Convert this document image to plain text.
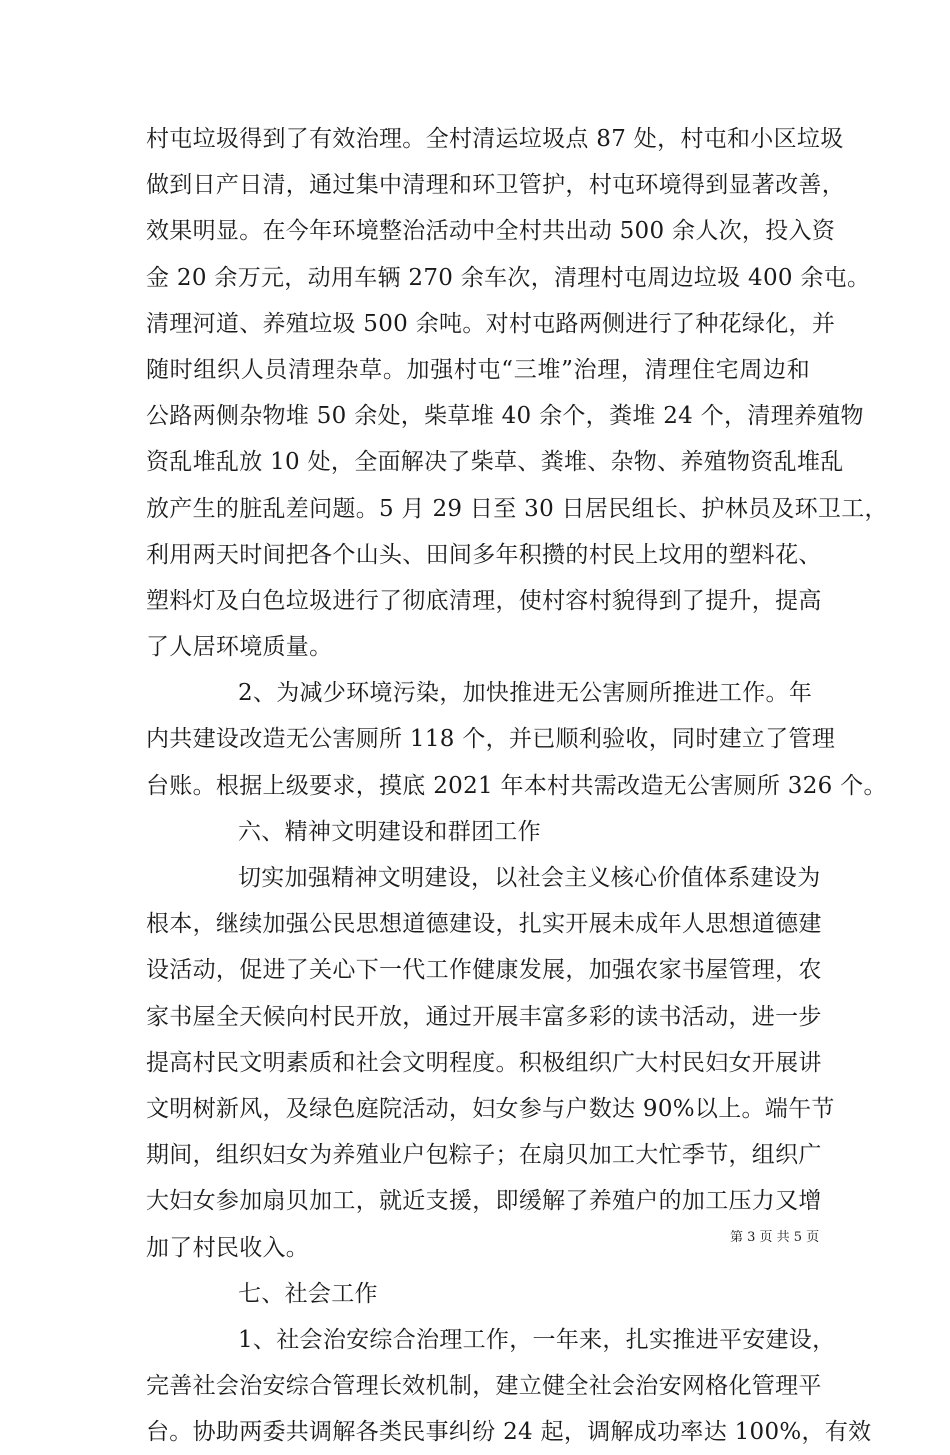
村屯垃圾得到了有效治理。全村清运垃圾点 87 处，村屯和小区垃圾
做到日产日清，通过集中清理和环卫管护，村屯环境得到显著改善，
效果明显。在今年环境整治活动中全村共出动 500 余人次，投入资
金 20 余万元，动用车辆 270 余车次，清理村屯周边垃圾 400 余屯。
清理河道、养殖垃圾 500 余吨。对村屯路两侧进行了种花绿化，并
随时组织人员清理杂草。加强村屯“三堆”治理，清理住宅周边和
公路两侧杂物堆 50 余处，柴草堆 40 余个，粪堆 24 个，清理养殖物
资乱堆乱放 10 处，全面解决了柴草、粪堆、杂物、养殖物资乱堆乱
放产生的脏乱差问题。5 月 29 日至 30 日居民组长、护林员及环卫工，
利用两天时间把各个山头、田间多年积攒的村民上坟用的塑料花、
塑料灯及白色垃圾进行了彻底清理，使村容村貌得到了提升，提高
了人居环境质量。
2、为减少环境污染，加快推进无公害厕所推进工作。年
内共建设改造无公害厕所 118 个，并已顺利验收，同时建立了管理
台账。根据上级要求，摸底 2021 年本村共需改造无公害厕所 326 个。
六、精神文明建设和群团工作
切实加强精神文明建设，以社会主义核心价值体系建设为
根本，继续加强公民思想道德建设，扎实开展未成年人思想道德建
设活动，促进了关心下一代工作健康发展，加强农家书屋管理，农
家书屋全天候向村民开放，通过开展丰富多彩的读书活动，进一步
提高村民文明素质和社会文明程度。积极组织广大村民妇女开展讲
文明树新风，及绿色庭院活动，妇女参与户数达 90%以上。端午节
期间，组织妇女为养殖业户包粽子；在扇贝加工大忙季节，组织广
大妇女参加扇贝加工，就近支援，即缓解了养殖户的加工压力又增
加了村民收入。
七、社会工作
1、社会治安综合治理工作，一年来，扎实推进平安建设，
完善社会治安综合管理长效机制，建立健全社会治安网格化管理平
台。协助两委共调解各类民事纠纷 24 起，调解成功率达 100%，有效
第 3 页 共 5 页
